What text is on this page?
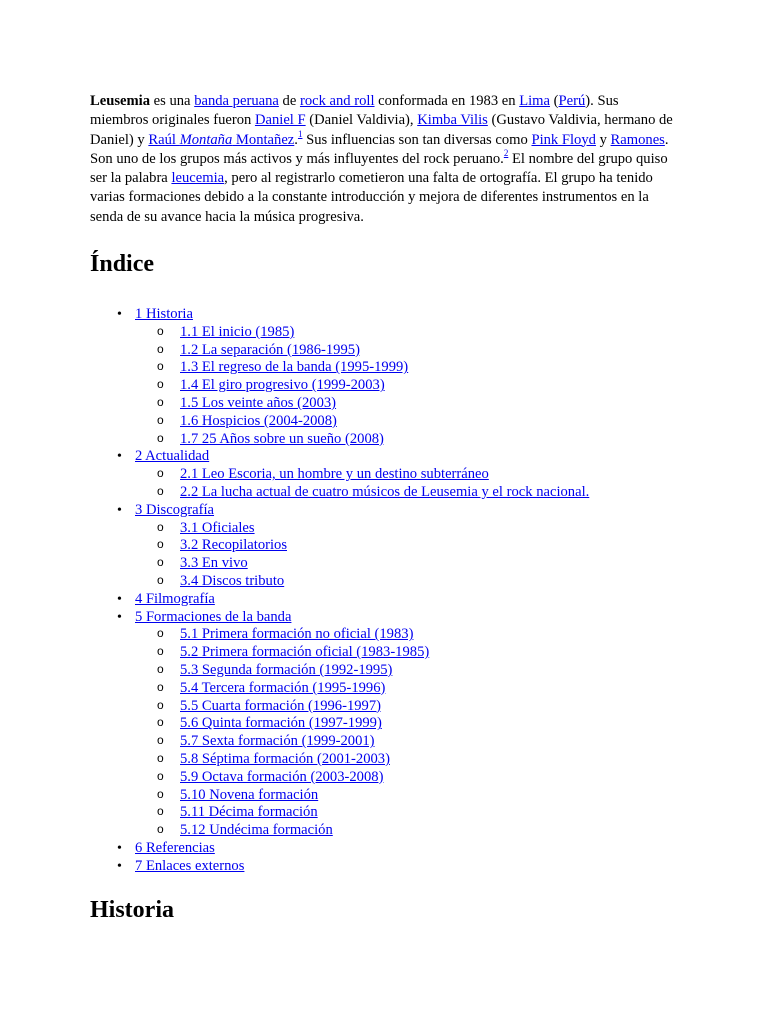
Leusemia es una banda peruana de rock and roll conformada en 1983 en Lima (Perú). Sus miembros originales fueron Daniel F (Daniel Valdivia), Kimba Vilis (Gustavo Valdivia, hermano de Daniel) y Raúl Montaña Montañez.$^1$ Sus influencias son tan diversas como Pink Floyd y Ramones. Son uno de los grupos más activos y más influyentes del rock peruano.$^2$ El nombre del grupo quiso ser la palabra leucemia, pero al registrarlo cometieron una falta de ortografía. El grupo ha tenido varias formaciones debido a la constante introducción y mejora de diferentes instrumentos en la senda de su avance hacia la música progresiva.

Índice
• 1 Historia
o 1.1 El inicio (1985)
o 1.2 La separación (1986-1995)
o 1.3 El regreso de la banda (1995-1999)
o 1.4 El giro progresivo (1999-2003)
o 1.5 Los veinte años (2003)
o 1.6 Hospicios (2004-2008)
o 1.7 25 Años sobre un sueño (2008)
• 2 Actualidad
o 2.1 Leo Escoria, un hombre y un destino subterráneo
o 2.2 La lucha actual de cuatro músicos de Leusemia y el rock nacional.
• 3 Discografía
o 3.1 Oficiales
o 3.2 Recopilatorios
o 3.3 En vivo
o 3.4 Discos tributo
• 4 Filmografía
• 5 Formaciones de la banda
o 5.1 Primera formación no oficial (1983)
o 5.2 Primera formación oficial (1983-1985)
o 5.3 Segunda formación (1992-1995)
o 5.4 Tercera formación (1995-1996)
o 5.5 Cuarta formación (1996-1997)
o 5.6 Quinta formación (1997-1999)
o 5.7 Sexta formación (1999-2001)
o 5.8 Séptima formación (2001-2003)
o 5.9 Octava formación (2003-2008)
o 5.10 Novena formación
o 5.11 Décima formación
o 5.12 Undécima formación
• 6 Referencias
• 7 Enlaces externos
Historia
